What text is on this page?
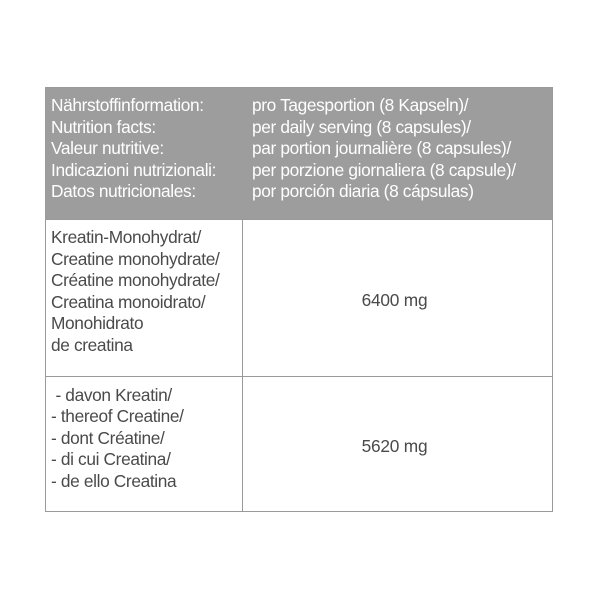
Nährstoffinformation:
Nutrition facts:
Valeur nutritive:
Indicazioni nutrizionali:
Datos nutricionales:
pro Tagesportion (8 Kapseln)/
per daily serving (8 capsules)/
par portion journalière (8 capsules)/
per porzione giornaliera (8 capsule)/
por porción diaria (8 cápsulas)
Kreatin-Monohydrat/
Creatine monohydrate/
Créatine monohydrate/
Creatina monoidrato/
Monohidrato
de creatina
6400 mg
- davon Kreatin/
- thereof Creatine/
- dont Créatine/
- di cui Creatina/
- de ello Creatina
5620 mg
